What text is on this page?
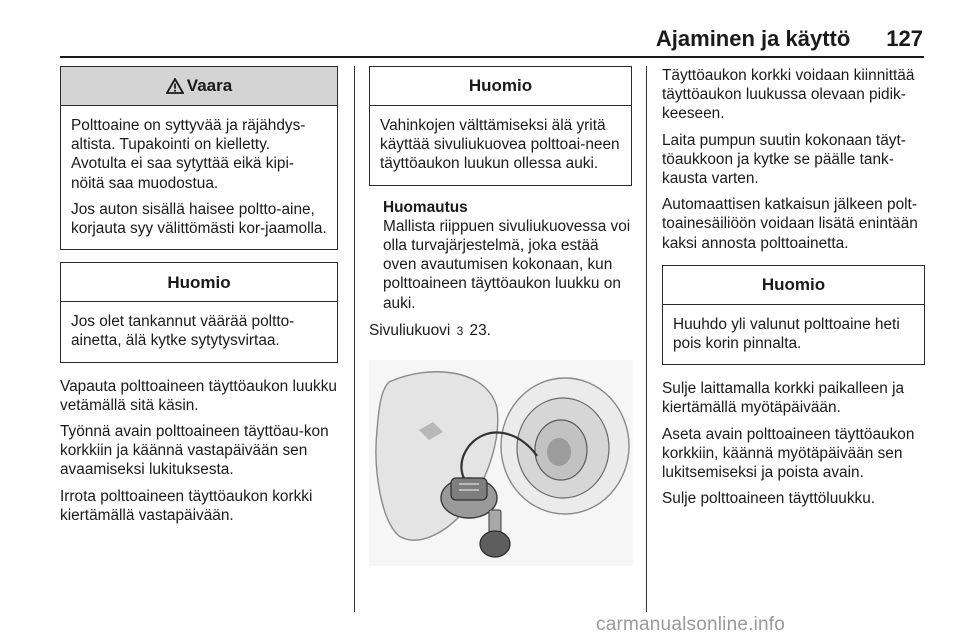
Ajaminen ja käyttö 127
Vaara

Polttoaine on syttyvää ja räjähdys-altista. Tupakointi on kielletty. Avotulta ei saa sytyttää eikä kipi-nöitä saa muodostua.

Jos auton sisällä haisee poltto-aine, korjauta syy välittömästi kor-jaamolla.

Huomio

Jos olet tankannut väärää poltto-ainetta, älä kytke sytytysvirtaa.

Vapauta polttoaineen täyttöaukon luukku vetämällä sitä käsin.

Työnnä avain polttoaineen täyttöau-kon korkkiin ja käännä vastapäivään sen avaamiseksi lukituksesta.

Irrota polttoaineen täyttöaukon korkki kiertämällä vastapäivään.

Huomio

Vahinkojen välttämiseksi älä yritä käyttää sivuliukuovea polttoai-neen täyttöaukon luukun ollessa auki.

Huomautus
Mallista riippuen sivuliukuovessa voi olla turvajärjestelmä, joka estää oven avautumisen kokonaan, kun polttoaineen täyttöaukon luukku on auki.

Sivuliukuovi 3 23.

Täyttöaukon korkki voidaan kiinnittää täyttöaukon luukussa olevaan pidik-keeseen.

Laita pumpun suutin kokonaan täyt-töaukkoon ja kytke se päälle tank-kausta varten.

Automaattisen katkaisun jälkeen polt-toainesäiliöön voidaan lisätä enintään kaksi annosta polttoainetta.

Huomio

Huuhdo yli valunut polttoaine heti pois korin pinnalta.

Sulje laittamalla korkki paikalleen ja kiertämällä myötäpäivään.

Aseta avain polttoaineen täyttöaukon korkkiin, käännä myötäpäivään sen lukitsemiseksi ja poista avain.

Sulje polttoaineen täyttöluukku.

carmanualsonline.info
